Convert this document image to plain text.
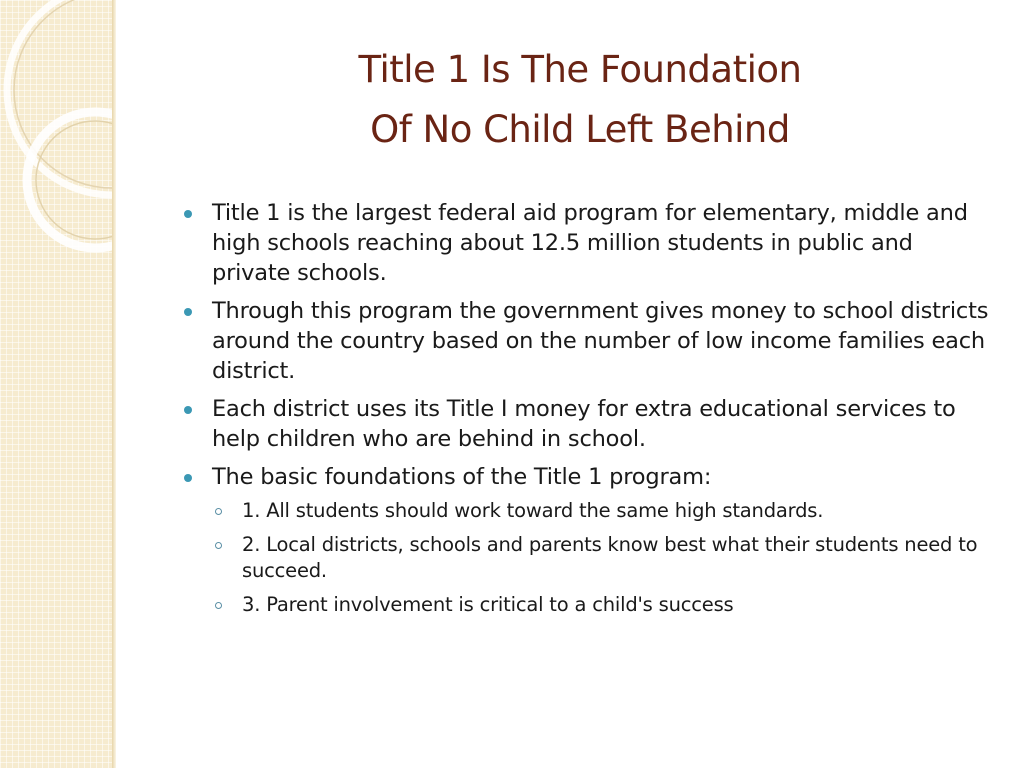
Title 1 Is The Foundation
Of No Child Left Behind
Title 1 is the largest federal aid program for elementary, middle and high schools reaching about 12.5 million students in public and private schools.
Through this program the government gives money to school districts around the country based on the number of low income families each district.
Each district uses its Title I money for extra educational services to help children who are behind in school.
The basic foundations of the Title 1 program:
1. All students should work toward the same high standards.
2. Local districts, schools and parents know best what their students need to succeed.
3. Parent involvement is critical to a child's success
